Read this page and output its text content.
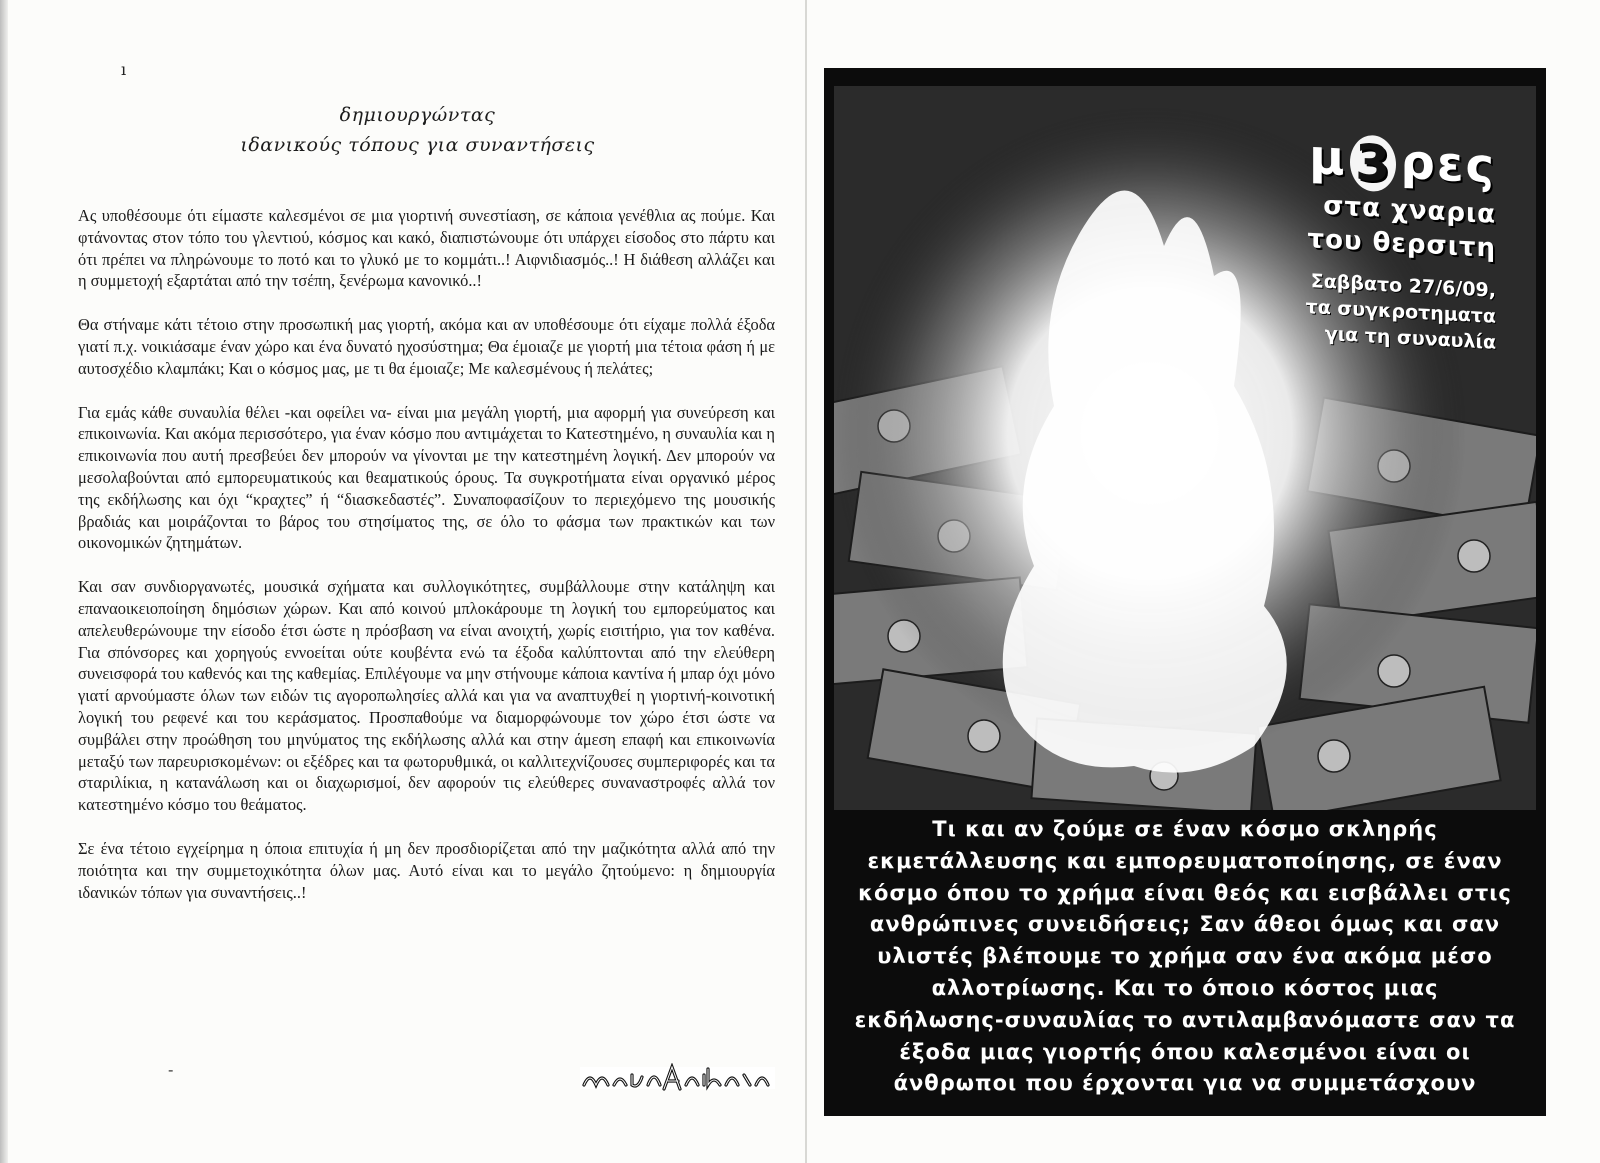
ı
δημιουργώντας
ιδανικούς τόπους για συναντήσεις

Ας υποθέσουμε ότι είμαστε καλεσμένοι σε μια γιορτινή συνεστίαση, σε κάποια γενέθλια ας πούμε. Και φτάνοντας στον τόπο του γλεντιού, κόσμος και κακό, διαπιστώνουμε ότι υπάρχει είσοδος στο πάρτυ και ότι πρέπει να πληρώνουμε το ποτό και το γλυκό με το κομμάτι..! Αιφνιδιασμός..! Η διάθεση αλλάζει και η συμμετοχή εξαρτάται από την τσέπη, ξενέρωμα κανονικό..!

Θα στήναμε κάτι τέτοιο στην προσωπική μας γιορτή, ακόμα και αν υποθέσουμε ότι είχαμε πολλά έξοδα γιατί π.χ. νοικιάσαμε έναν χώρο και ένα δυνατό ηχοσύστημα; Θα έμοιαζε με γιορτή μια τέτοια φάση ή με αυτοσχέδιο κλαμπάκι; Και ο κόσμος μας, με τι θα έμοιαζε; Με καλεσμένους ή πελάτες;

Για εμάς κάθε συναυλία θέλει -και οφείλει να- είναι μια μεγάλη γιορτή, μια αφορμή για συνεύρεση και επικοινωνία. Και ακόμα περισσότερο, για έναν κόσμο που αντιμάχεται το Κατεστημένο, η συναυλία και η επικοινωνία που αυτή πρεσβεύει δεν μπορούν να γίνονται με την κατεστημένη λογική. Δεν μπορούν να μεσολαβούνται από εμπορευματικούς και θεαματικούς όρους. Τα συγκροτήματα είναι οργανικό μέρος της εκδήλωσης και όχι “κραχτες” ή “διασκεδαστές”. Συναποφασίζουν το περιεχόμενο της μουσικής βραδιάς και μοιράζονται το βάρος του στησίματος της, σε όλο το φάσμα των πρακτικών και των οικονομικών ζητημάτων.

Και σαν συνδιοργανωτές, μουσικά σχήματα και συλλογικότητες, συμβάλλουμε στην κατάληψη και επαναοικειοποίηση δημόσιων χώρων. Και από κοινού μπλοκάρουμε τη λογική του εμπορεύματος και απελευθερώνουμε την είσοδο έτσι ώστε η πρόσβαση να είναι ανοιχτή, χωρίς εισιτήριο, για τον καθένα. Για σπόνσορες και χορηγούς εννοείται ούτε κουβέντα ενώ τα έξοδα καλύπτονται από την ελεύθερη συνεισφορά του καθενός και της καθεμίας. Επιλέγουμε να μην στήνουμε κάποια καντίνα ή μπαρ όχι μόνο γιατί αρνούμαστε όλων των ειδών τις αγοροπωλησίες αλλά και για να αναπτυχθεί η γιορτινή-κοινοτική λογική του ρεφενέ και του κεράσματος. Προσπαθούμε να διαμορφώνουμε τον χώρο έτσι ώστε να συμβάλει στην προώθηση του μηνύματος της εκδήλωσης αλλά και στην άμεση επαφή και επικοινωνία μεταξύ των παρευρισκομένων: οι εξέδρες και τα φωτορυθμικά, οι καλλιτεχνίζουσες συμπεριφορές και τα σταριλίκια, η κατανάλωση και οι διαχωρισμοί, δεν αφορούν τις ελεύθερες συναναστροφές αλλά τον κατεστημένο κόσμο του θεάματος.

Σε ένα τέτοιο εγχείρημα η όποια επιτυχία ή μη δεν προσδιορίζεται από την μαζικότητα αλλά από την ποιότητα και την συμμετοχικότητα όλων μας. Αυτό είναι και το μεγάλο ζητούμενο: η δημιουργία ιδανικών τόπων για συναντήσεις..!

-
μ 3 ρες
στα χναρια
του θερσιτη
Σαββατο 27/6/09,
τα συγκροτηματα
για τη συναυλία
Τι και αν ζούμε σε έναν κόσμο σκληρής
εκμετάλλευσης και εμπορευματοποίησης, σε έναν
κόσμο όπου το χρήμα είναι θεός και εισβάλλει στις
ανθρώπινες συνειδήσεις; Σαν άθεοι όμως και σαν
υλιστές βλέπουμε το χρήμα σαν ένα ακόμα μέσο
αλλοτρίωσης. Και το όποιο κόστος μιας
εκδήλωσης-συναυλίας το αντιλαμβανόμαστε σαν τα
έξοδα μιας γιορτής όπου καλεσμένοι είναι οι
άνθρωποι που έρχονται για να συμμετάσχουν
